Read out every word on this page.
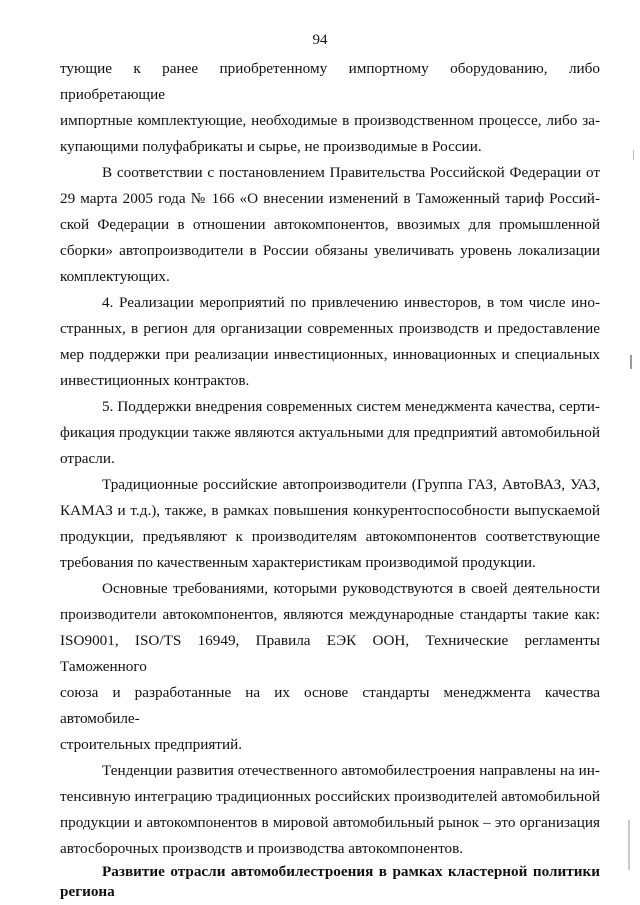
94
тующие к ранее приобретенному импортному оборудованию, либо приобретающие
импортные комплектующие, необходимые в производственном процессе, либо за-
купающими полуфабрикаты и сырье, не производимые в России.
В соответствии с постановлением Правительства Российской Федерации от
29 марта 2005 года № 166 «О внесении изменений в Таможенный тариф Россий-
ской Федерации в отношении автокомпонентов, ввозимых для промышленной
сборки» автопроизводители в России обязаны увеличивать уровень локализации
комплектующих.
4. Реализации мероприятий по привлечению инвесторов, в том числе ино-
странных, в регион для организации современных производств и предоставление
мер поддержки при реализации инвестиционных, инновационных и специальных
инвестиционных контрактов.
5. Поддержки внедрения современных систем менеджмента качества, серти-
фикация продукции также являются актуальными для предприятий автомобильной
отрасли.
Традиционные российские автопроизводители (Группа ГАЗ, АвтоВАЗ, УАЗ,
КАМАЗ и т.д.), также, в рамках повышения конкурентоспособности выпускаемой
продукции, предъявляют к производителям автокомпонентов соответствующие
требования по качественным характеристикам производимой продукции.
Основные требованиями, которыми руководствуются в своей деятельности
производители автокомпонентов, являются международные стандарты такие как:
ISO9001, ISO/TS 16949, Правила ЕЭК ООН, Технические регламенты Таможенного
союза и разработанные на их основе стандарты менеджмента качества автомобиле-
строительных предприятий.
Тенденции развития отечественного автомобилестроения направлены на ин-
тенсивную интеграцию традиционных российских производителей автомобильной
продукции и автокомпонентов в мировой автомобильный рынок – это организация
автосборочных производств и производства автокомпонентов.
Развитие отрасли автомобилестроения в рамках кластерной политики
региона
